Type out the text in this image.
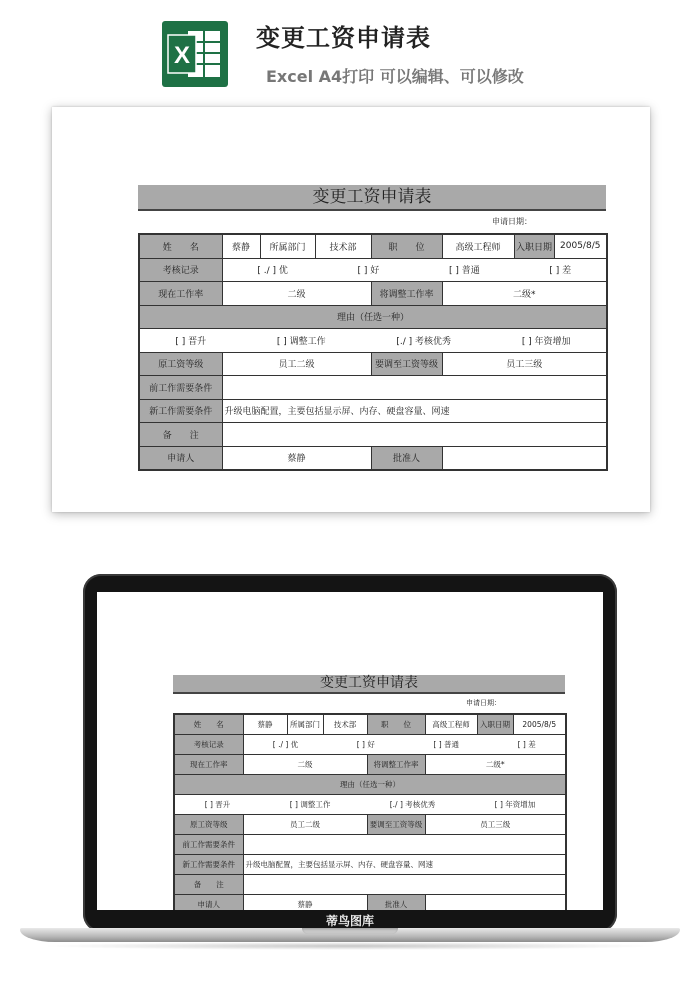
X
变更工资申请表
Excel A4打印 可以编辑、可以修改
变更工资申请表
申请日期：
姓　　名	蔡静	所属部门	技术部	职　　位	高级工程师	入职日期	2005/8/5
考核记录	[ ./ ] 优 [ ] 好 [ ] 普通 [ ] 差						

现在工作率	二级			将调整工作率	二级*		
理由（任选一种）							

[ ] 晋升 [ ] 调整工作 [./ ] 考核优秀 [ ] 年资增加							

原工资等级	员工二级			要调至工资等级	员工三级		
前工作需要条件							
新工作需要条件	升级电脑配置，主要包括显示屏、内存、硬盘容量、网速						
备　　注							
申请人	蔡静			批准人			
变更工资申请表
申请日期：
姓　　名	蔡静	所属部门	技术部	职　　位	高级工程师	入职日期	2005/8/5
考核记录	[ ./ ] 优 [ ] 好 [ ] 普通 [ ] 差						

现在工作率	二级			将调整工作率	二级*		
理由（任选一种）							

[ ] 晋升 [ ] 调整工作 [./ ] 考核优秀 [ ] 年资增加							

原工资等级	员工二级			要调至工资等级	员工三级		
前工作需要条件							
新工作需要条件	升级电脑配置，主要包括显示屏、内存、硬盘容量、网速						
备　　注							
申请人	蔡静			批准人			
蒂鸟图库
